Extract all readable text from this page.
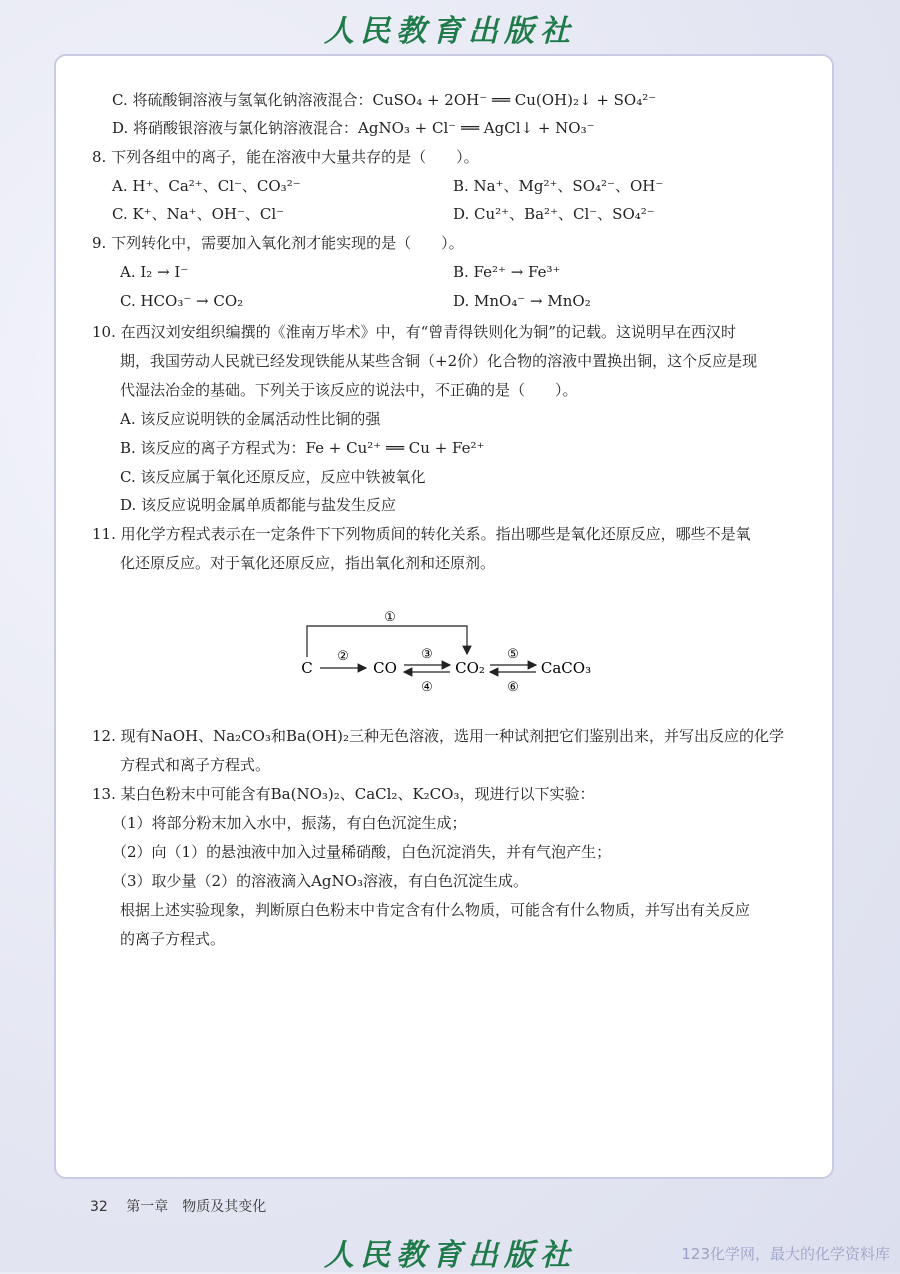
人民教育出版社
C. 将硫酸铜溶液与氢氧化钠溶液混合：CuSO₄ + 2OH⁻ ══ Cu(OH)₂↓ + SO₄²⁻
D. 将硝酸银溶液与氯化钠溶液混合：AgNO₃ + Cl⁻ ══ AgCl↓ + NO₃⁻
8. 下列各组中的离子，能在溶液中大量共存的是（　　）。
A. H⁺、Ca²⁺、Cl⁻、CO₃²⁻	B. Na⁺、Mg²⁺、SO₄²⁻、OH⁻
C. K⁺、Na⁺、OH⁻、Cl⁻	D. Cu²⁺、Ba²⁺、Cl⁻、SO₄²⁻
9. 下列转化中，需要加入氧化剂才能实现的是（　　）。
A. I₂ → I⁻	B. Fe²⁺ → Fe³⁺
C. HCO₃⁻ → CO₂	D. MnO₄⁻ → MnO₂
10. 在西汉刘安组织编撰的《淮南万毕术》中，有“曾青得铁则化为铜”的记载。这说明早在西汉时
期，我国劳动人民就已经发现铁能从某些含铜（+2价）化合物的溶液中置换出铜，这个反应是现
代湿法冶金的基础。下列关于该反应的说法中，不正确的是（　　）。
A. 该反应说明铁的金属活动性比铜的强
B. 该反应的离子方程式为：Fe + Cu²⁺ ══ Cu + Fe²⁺
C. 该反应属于氧化还原反应，反应中铁被氧化
D. 该反应说明金属单质都能与盐发生反应
11. 用化学方程式表示在一定条件下下列物质间的转化关系。指出哪些是氧化还原反应，哪些不是氧
化还原反应。对于氧化还原反应，指出氧化剂和还原剂。
①
C	CO	CO₂	CaCO₃
②	③
④
⑤
⑥
12. 现有NaOH、Na₂CO₃和Ba(OH)₂三种无色溶液，选用一种试剂把它们鉴别出来，并写出反应的化学
方程式和离子方程式。
13. 某白色粉末中可能含有Ba(NO₃)₂、CaCl₂、K₂CO₃，现进行以下实验：
（1）将部分粉末加入水中，振荡，有白色沉淀生成；
（2）向（1）的悬浊液中加入过量稀硝酸，白色沉淀消失，并有气泡产生；
（3）取少量（2）的溶液滴入AgNO₃溶液，有白色沉淀生成。
根据上述实验现象，判断原白色粉末中肯定含有什么物质，可能含有什么物质，并写出有关反应
的离子方程式。
32 第一章　物质及其变化
人民教育出版社	123化学网，最大的化学资料库
